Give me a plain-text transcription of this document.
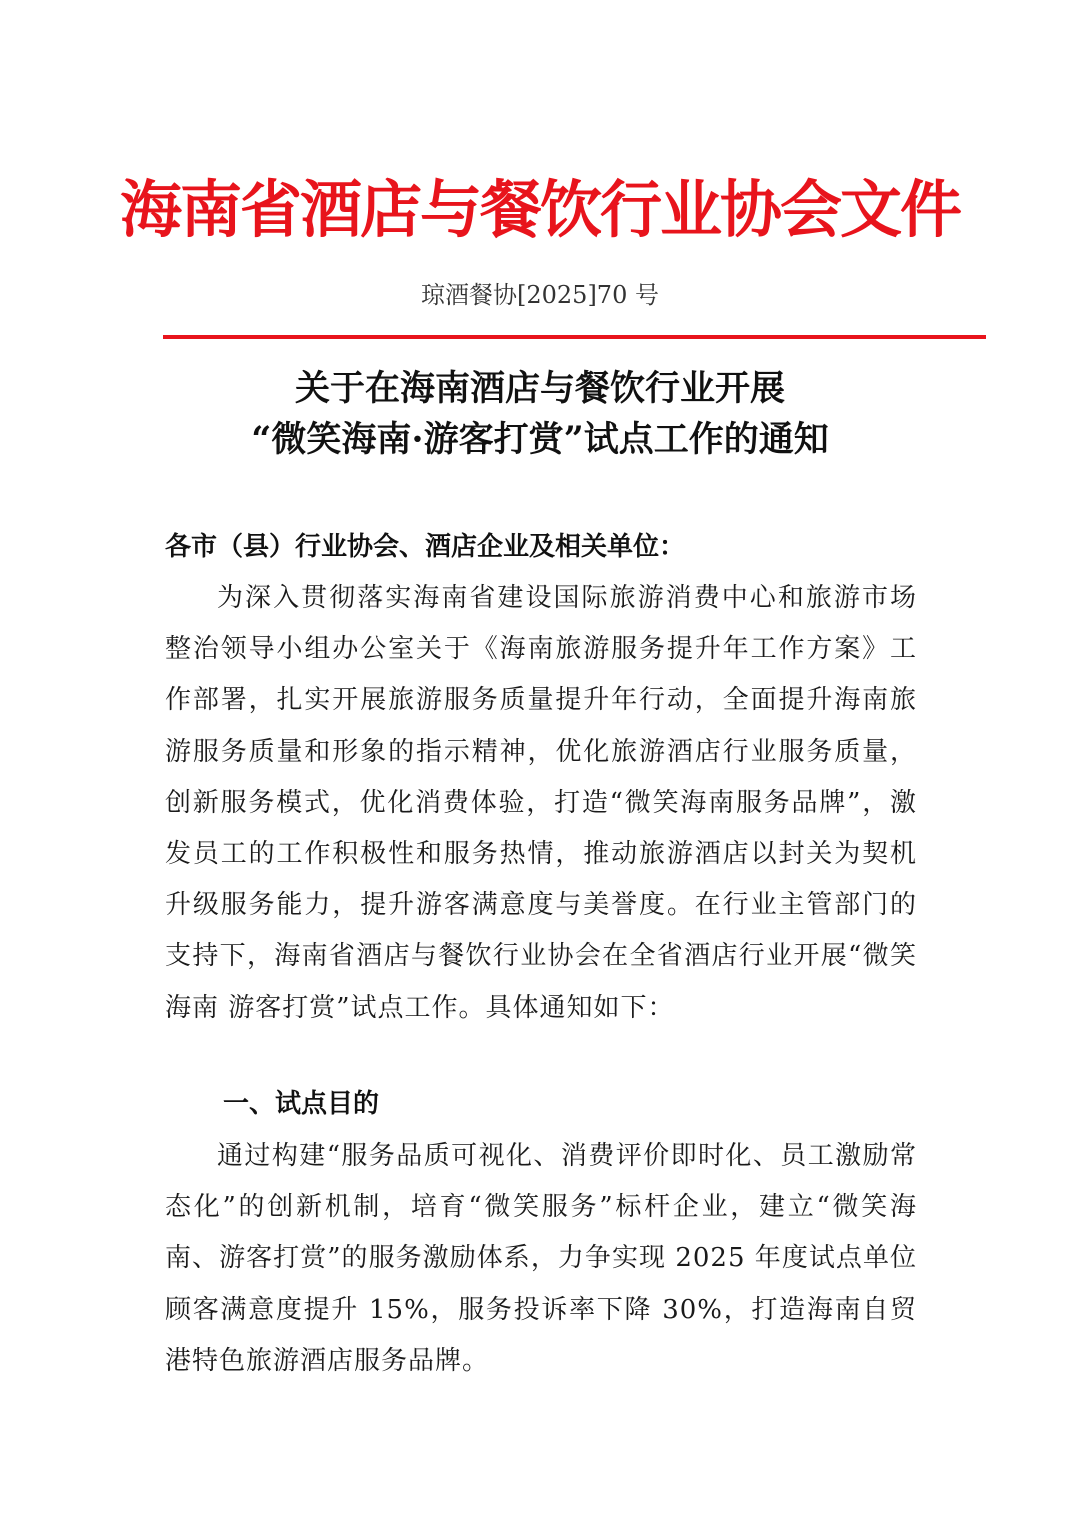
海南省酒店与餐饮行业协会文件
琼酒餐协[2025]70 号
关于在海南酒店与餐饮行业开展
“微笑海南·游客打赏”试点工作的通知
各市（县）行业协会、酒店企业及相关单位：

为深入贯彻落实海南省建设国际旅游消费中心和旅游市场整治领导小组办公室关于《海南旅游服务提升年工作方案》工作部署，扎实开展旅游服务质量提升年行动，全面提升海南旅游服务质量和形象的指示精神，优化旅游酒店行业服务质量，创新服务模式，优化消费体验，打造“微笑海南服务品牌”，激发员工的工作积极性和服务热情，推动旅游酒店以封关为契机升级服务能力，提升游客满意度与美誉度。在行业主管部门的支持下，海南省酒店与餐饮行业协会在全省酒店行业开展“微笑海南 游客打赏”试点工作。具体通知如下：

一、试点目的

通过构建“服务品质可视化、消费评价即时化、员工激励常态化”的创新机制，培育“微笑服务”标杆企业，建立“微笑海南、游客打赏”的服务激励体系，力争实现 2025 年度试点单位顾客满意度提升 15%，服务投诉率下降 30%，打造海南自贸港特色旅游酒店服务品牌。
